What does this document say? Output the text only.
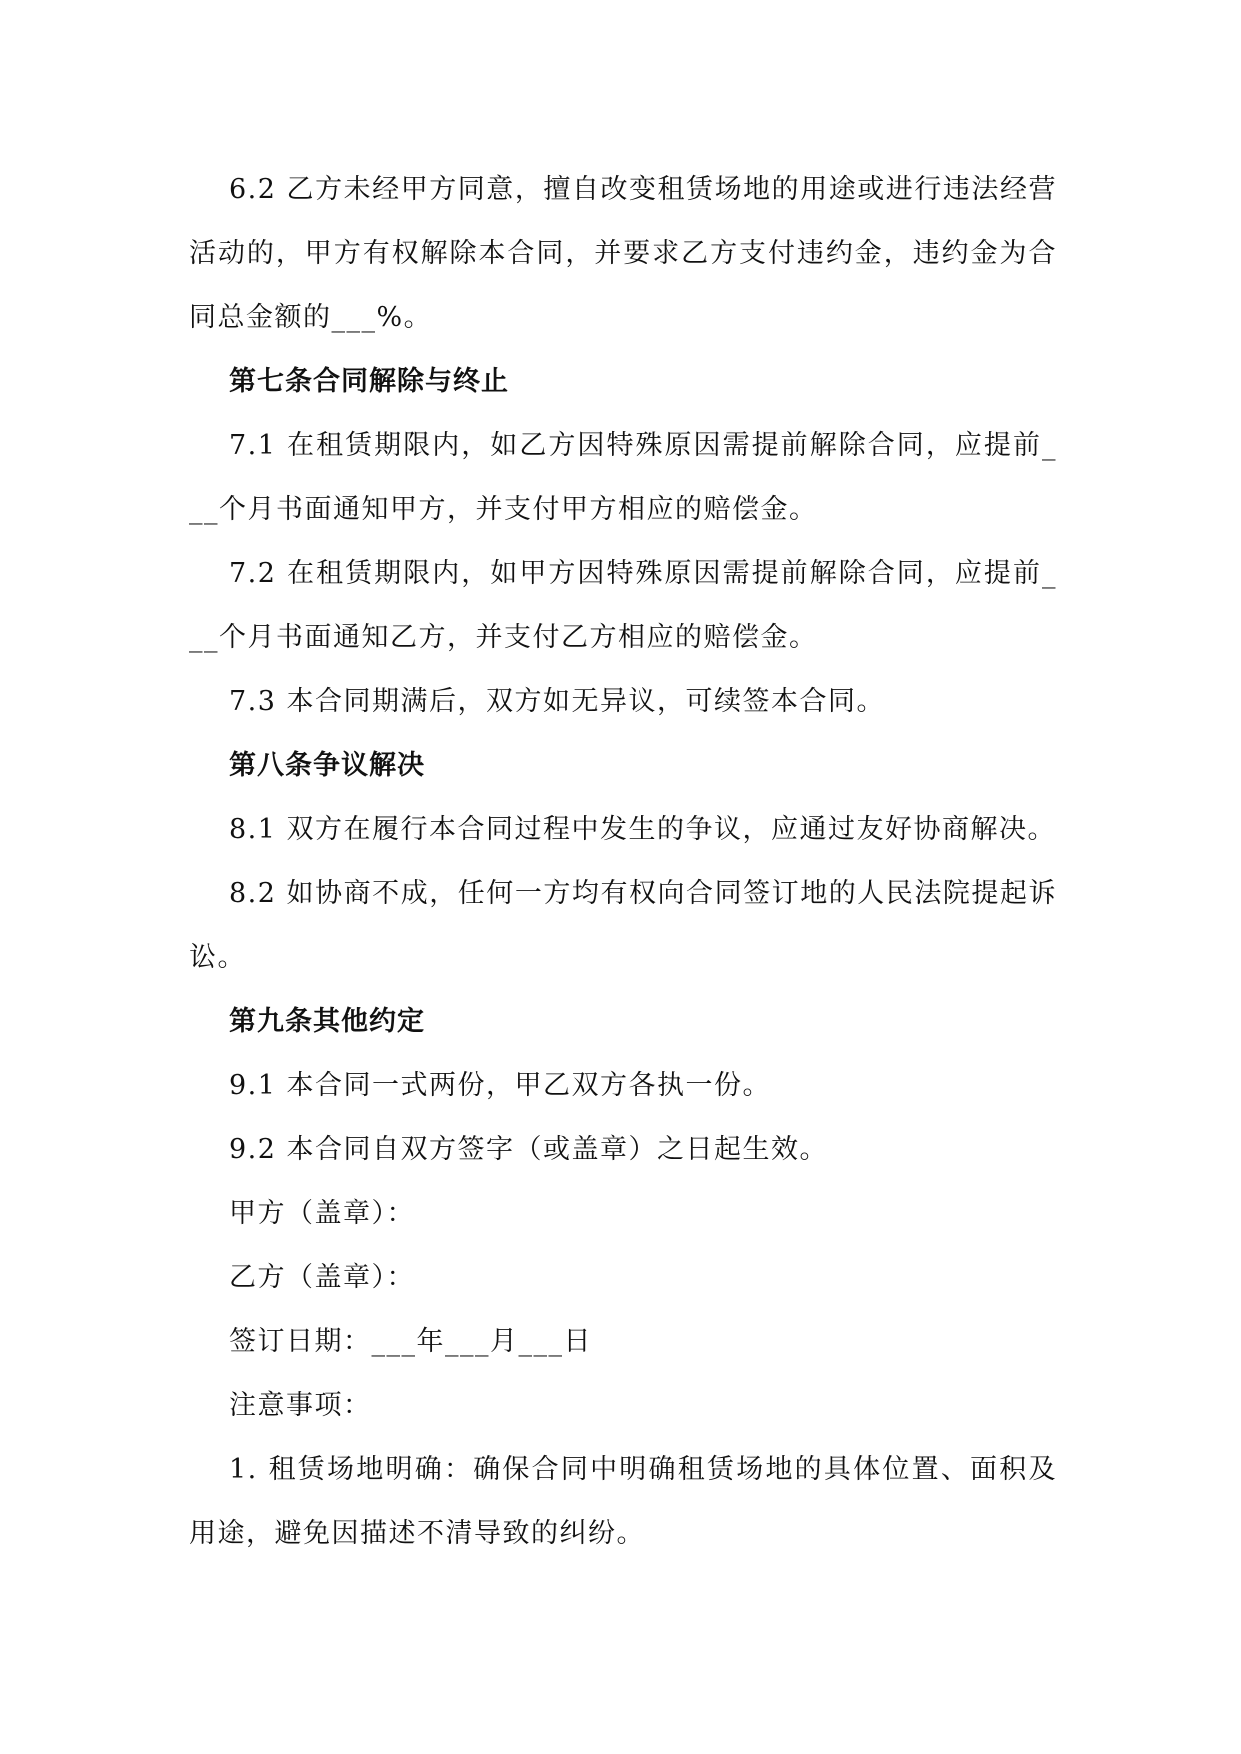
6.2 乙方未经甲方同意，擅自改变租赁场地的用途或进行违法经营活动的，甲方有权解除本合同，并要求乙方支付违约金，违约金为合同总金额的___%。

第七条合同解除与终止

7.1 在租赁期限内，如乙方因特殊原因需提前解除合同，应提前___个月书面通知甲方，并支付甲方相应的赔偿金。

7.2 在租赁期限内，如甲方因特殊原因需提前解除合同，应提前___个月书面通知乙方，并支付乙方相应的赔偿金。

7.3 本合同期满后，双方如无异议，可续签本合同。

第八条争议解决

8.1 双方在履行本合同过程中发生的争议，应通过友好协商解决。

8.2 如协商不成，任何一方均有权向合同签订地的人民法院提起诉讼。

第九条其他约定

9.1 本合同一式两份，甲乙双方各执一份。

9.2 本合同自双方签字（或盖章）之日起生效。

甲方（盖章）：

乙方（盖章）：

签订日期：___年___月___日

注意事项：

1. 租赁场地明确：确保合同中明确租赁场地的具体位置、面积及用途，避免因描述不清导致的纠纷。
